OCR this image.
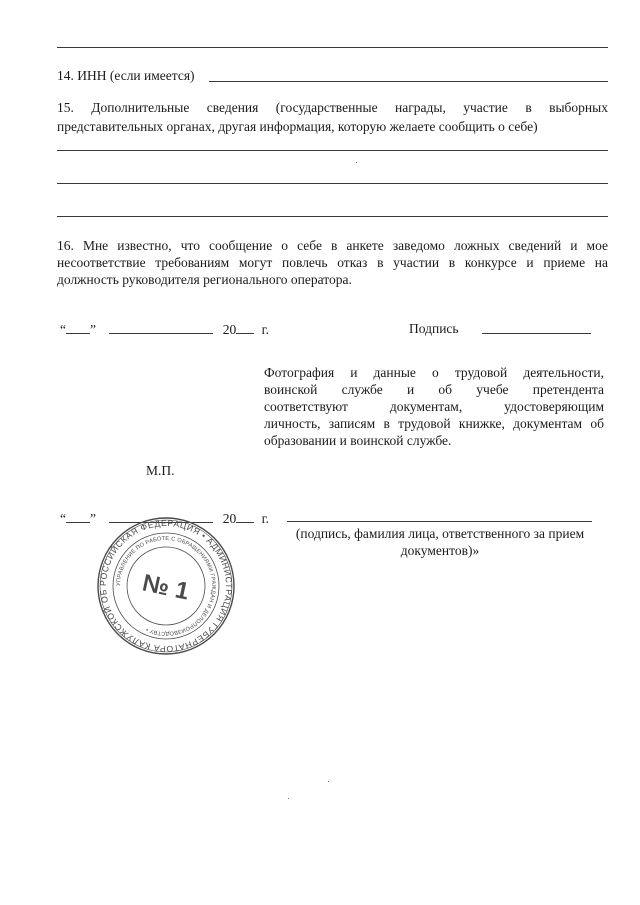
14. ИНН (если имеется)
15. Дополнительные сведения (государственные награды, участие в выборных
представительных органах, другая информация, которую желаете сообщить о себе)
16. Мне известно, что сообщение о себе в анкете заведомо ложных сведений и мое
несоответствие требованиям могут повлечь отказ в участии в конкурсе и приеме на
должность руководителя регионального оператора.
“ ”	20 г.	Подпись
Фотография и данные о трудовой деятельности,
воинской службе и об учебе претендента
соответствуют документам, удостоверяющим
личность, записям в трудовой книжке, документам об
образовании и воинской службе.
М.П.
“ ”	20 г.
(подпись, фамилия лица, ответственного за прием
документов)»
РОССИЙСКАЯ ФЕДЕРАЦИЯ • АДМИНИСТРАЦИЯ ГУБЕРНАТОРА КАЛУЖСКОЙ ОБ
УПРАВЛЕНИЕ ПО РАБОТЕ С ОБРАЩЕНИЯМИ ГРАЖДАН И ДЕЛОПРОИЗВОДСТВУ •
№ 1
